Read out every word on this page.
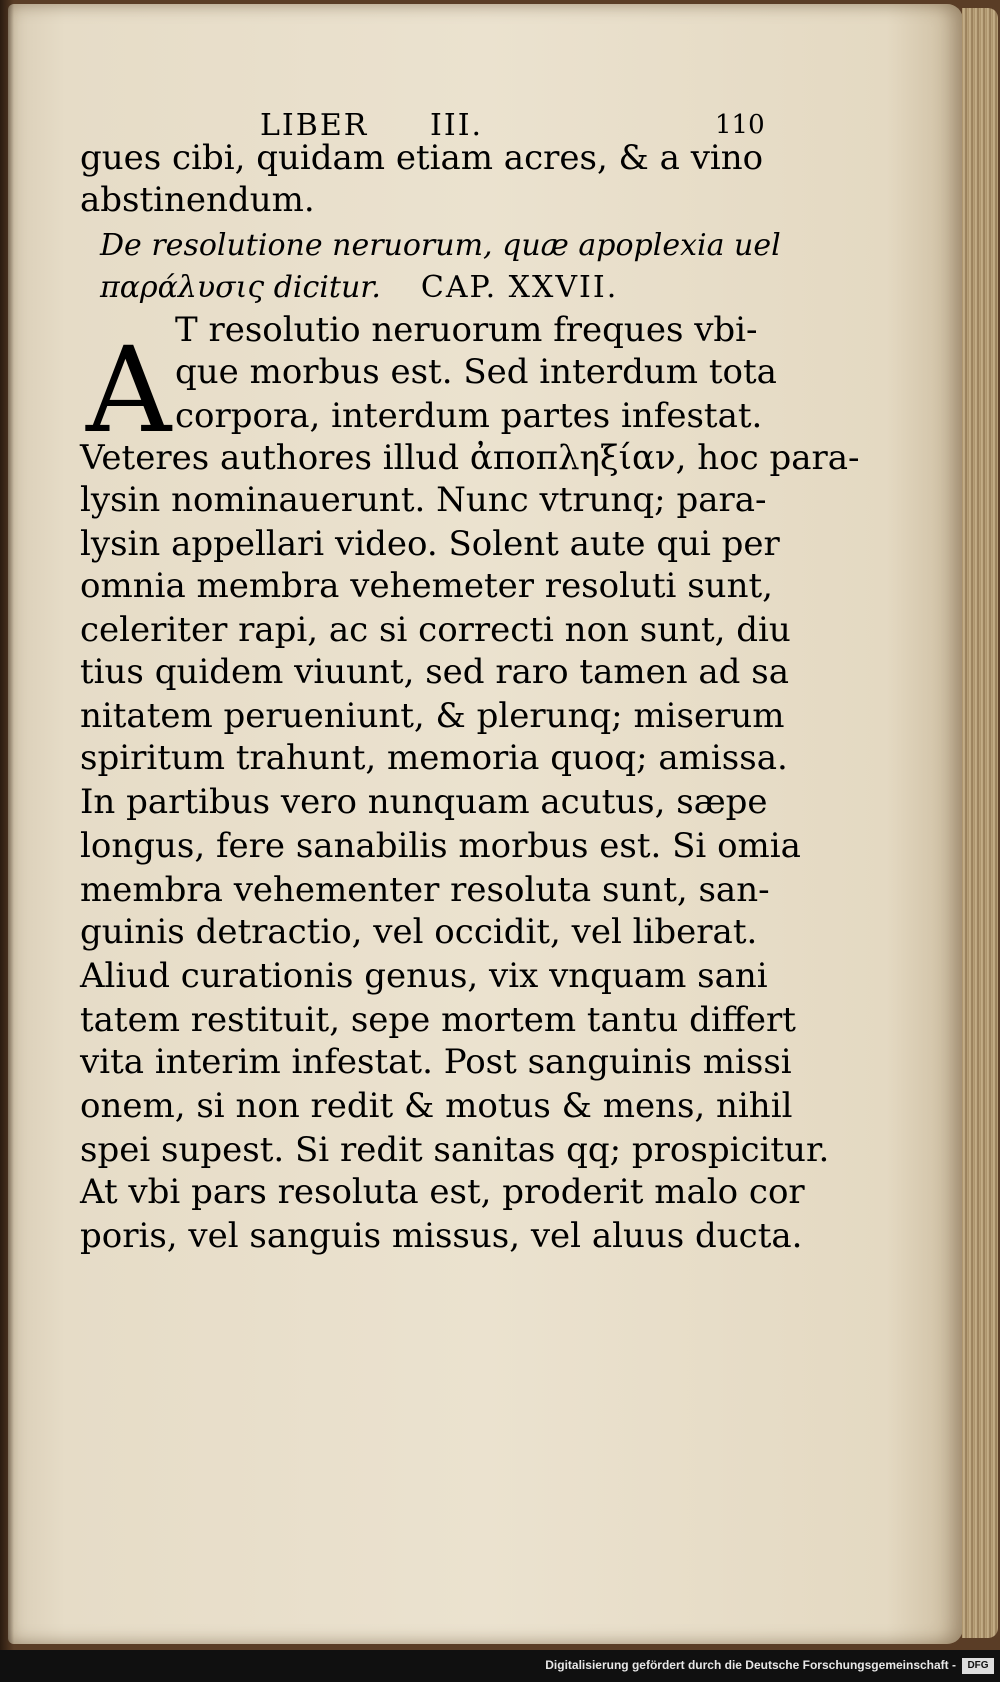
LIBER III.	110
gues cibi, quidam etiam acres, & a vino
abstinendum.
De resolutione neruorum, quæ apoplexia uel
παράλυσις dicitur. CAP. XXVII.
A T resolutio neruorum freques vbi-
que morbus est. Sed interdum tota
corpora, interdum partes infestat.
Veteres authores illud ἀποπληξίαν, hoc para-
lysin nominauerunt. Nunc vtrunq; para-
lysin appellari video. Solent aute qui per
omnia membra vehemeter resoluti sunt,
celeriter rapi, ac si correcti non sunt, diu
tius quidem viuunt, sed raro tamen ad sa
nitatem perueniunt, & plerunq; miserum
spiritum trahunt, memoria quoq; amissa.
In partibus vero nunquam acutus, sæpe
longus, fere sanabilis morbus est. Si omia
membra vehementer resoluta sunt, san-
guinis detractio, vel occidit, vel liberat.
Aliud curationis genus, vix vnquam sani
tatem restituit, sepe mortem tantu differt
vita interim infestat. Post sanguinis missi
onem, si non redit & motus & mens, nihil
spei supest. Si redit sanitas qq; prospicitur.
At vbi pars resoluta est, proderit malo cor
poris, vel sanguis missus, vel aluus ducta.
Digitalisierung gefördert durch die Deutsche Forschungsgemeinschaft -	DFG
